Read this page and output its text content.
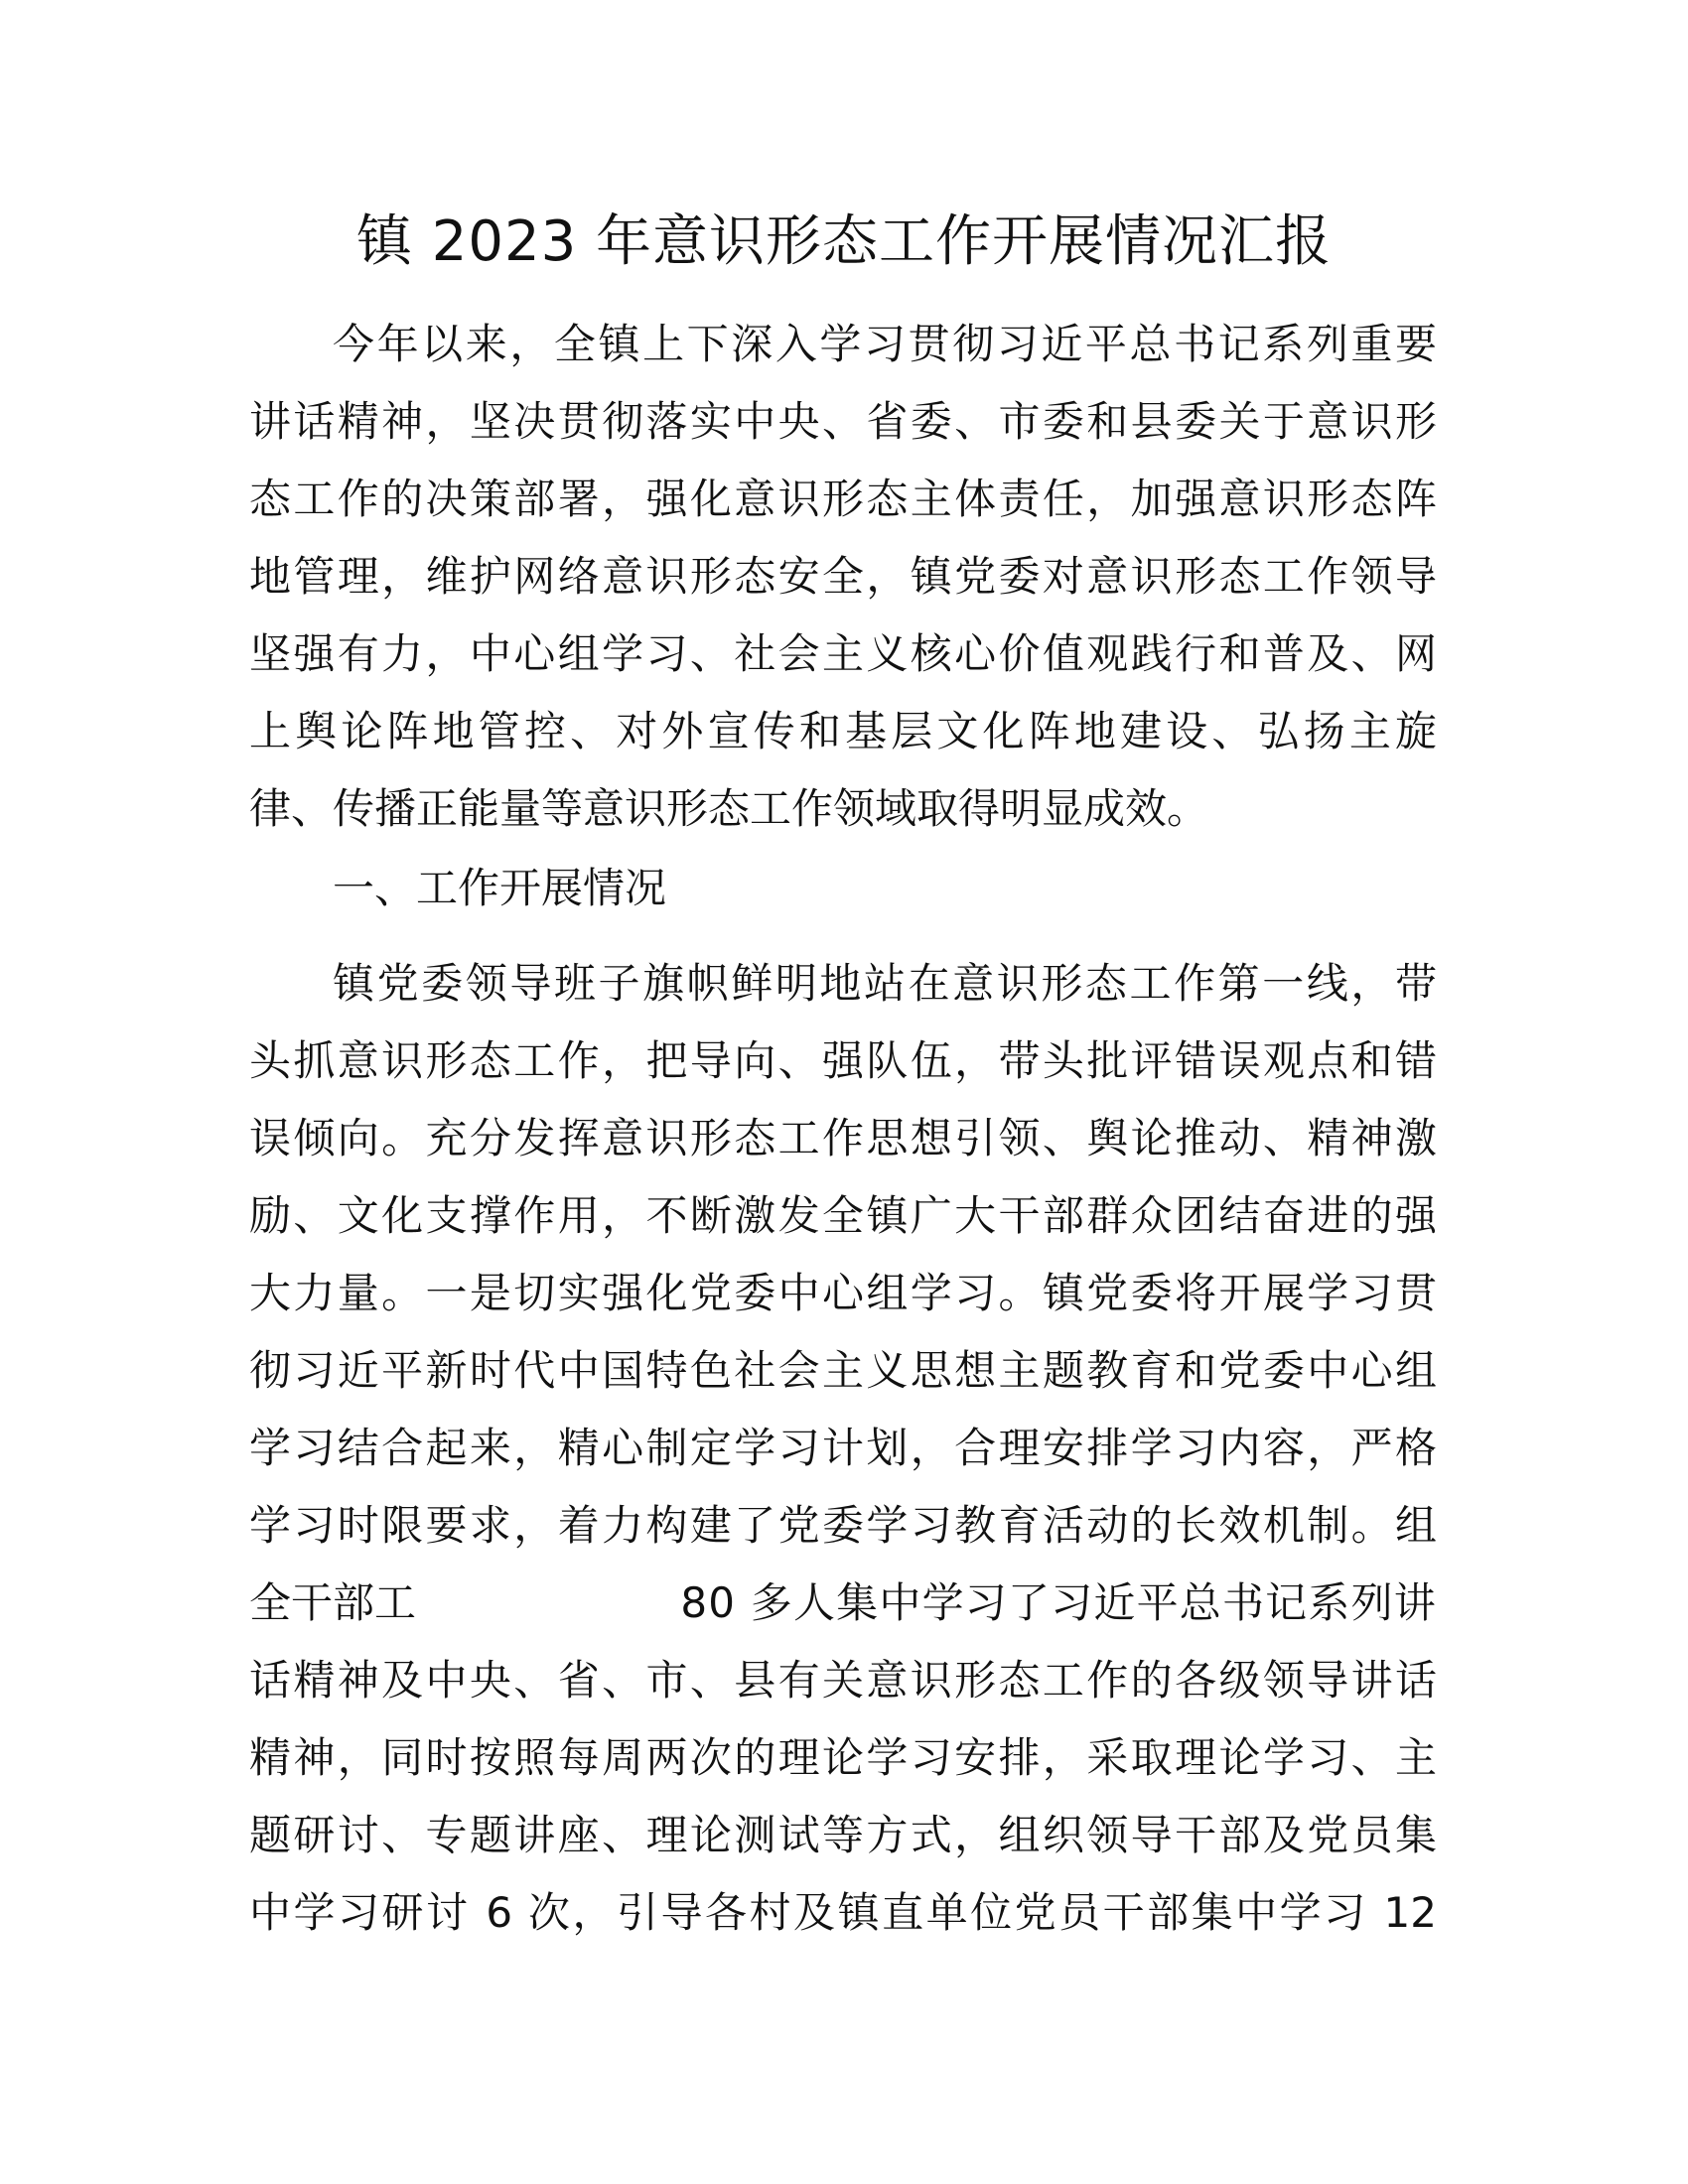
镇 2023 年意识形态工作开展情况汇报
今年以来，全镇上下深入学习贯彻习近平总书记系列重要
讲话精神，坚决贯彻落实中央、省委、市委和县委关于意识形
态工作的决策部署，强化意识形态主体责任，加强意识形态阵
地管理，维护网络意识形态安全，镇党委对意识形态工作领导
坚强有力，中心组学习、社会主义核心价值观践行和普及、网
上舆论阵地管控、对外宣传和基层文化阵地建设、弘扬主旋
律、传播正能量等意识形态工作领域取得明显成效。
一、工作开展情况
镇党委领导班子旗帜鲜明地站在意识形态工作第一线，带
头抓意识形态工作，把导向、强队伍，带头批评错误观点和错
误倾向。充分发挥意识形态工作思想引领、舆论推动、精神激
励、文化支撑作用，不断激发全镇广大干部群众团结奋进的强
大力量。一是切实强化党委中心组学习。镇党委将开展学习贯
彻习近平新时代中国特色社会主义思想主题教育和党委中心组
学习结合起来，精心制定学习计划，合理安排学习内容，严格
学习时限要求，着力构建了党委学习教育活动的长效机制。组
全干部工	80 多人集中学习了习近平总书记系列讲
话精神及中央、省、市、县有关意识形态工作的各级领导讲话
精神，同时按照每周两次的理论学习安排，采取理论学习、主
题研讨、专题讲座、理论测试等方式，组织领导干部及党员集
中学习研讨 6 次，引导各村及镇直单位党员干部集中学习 12
